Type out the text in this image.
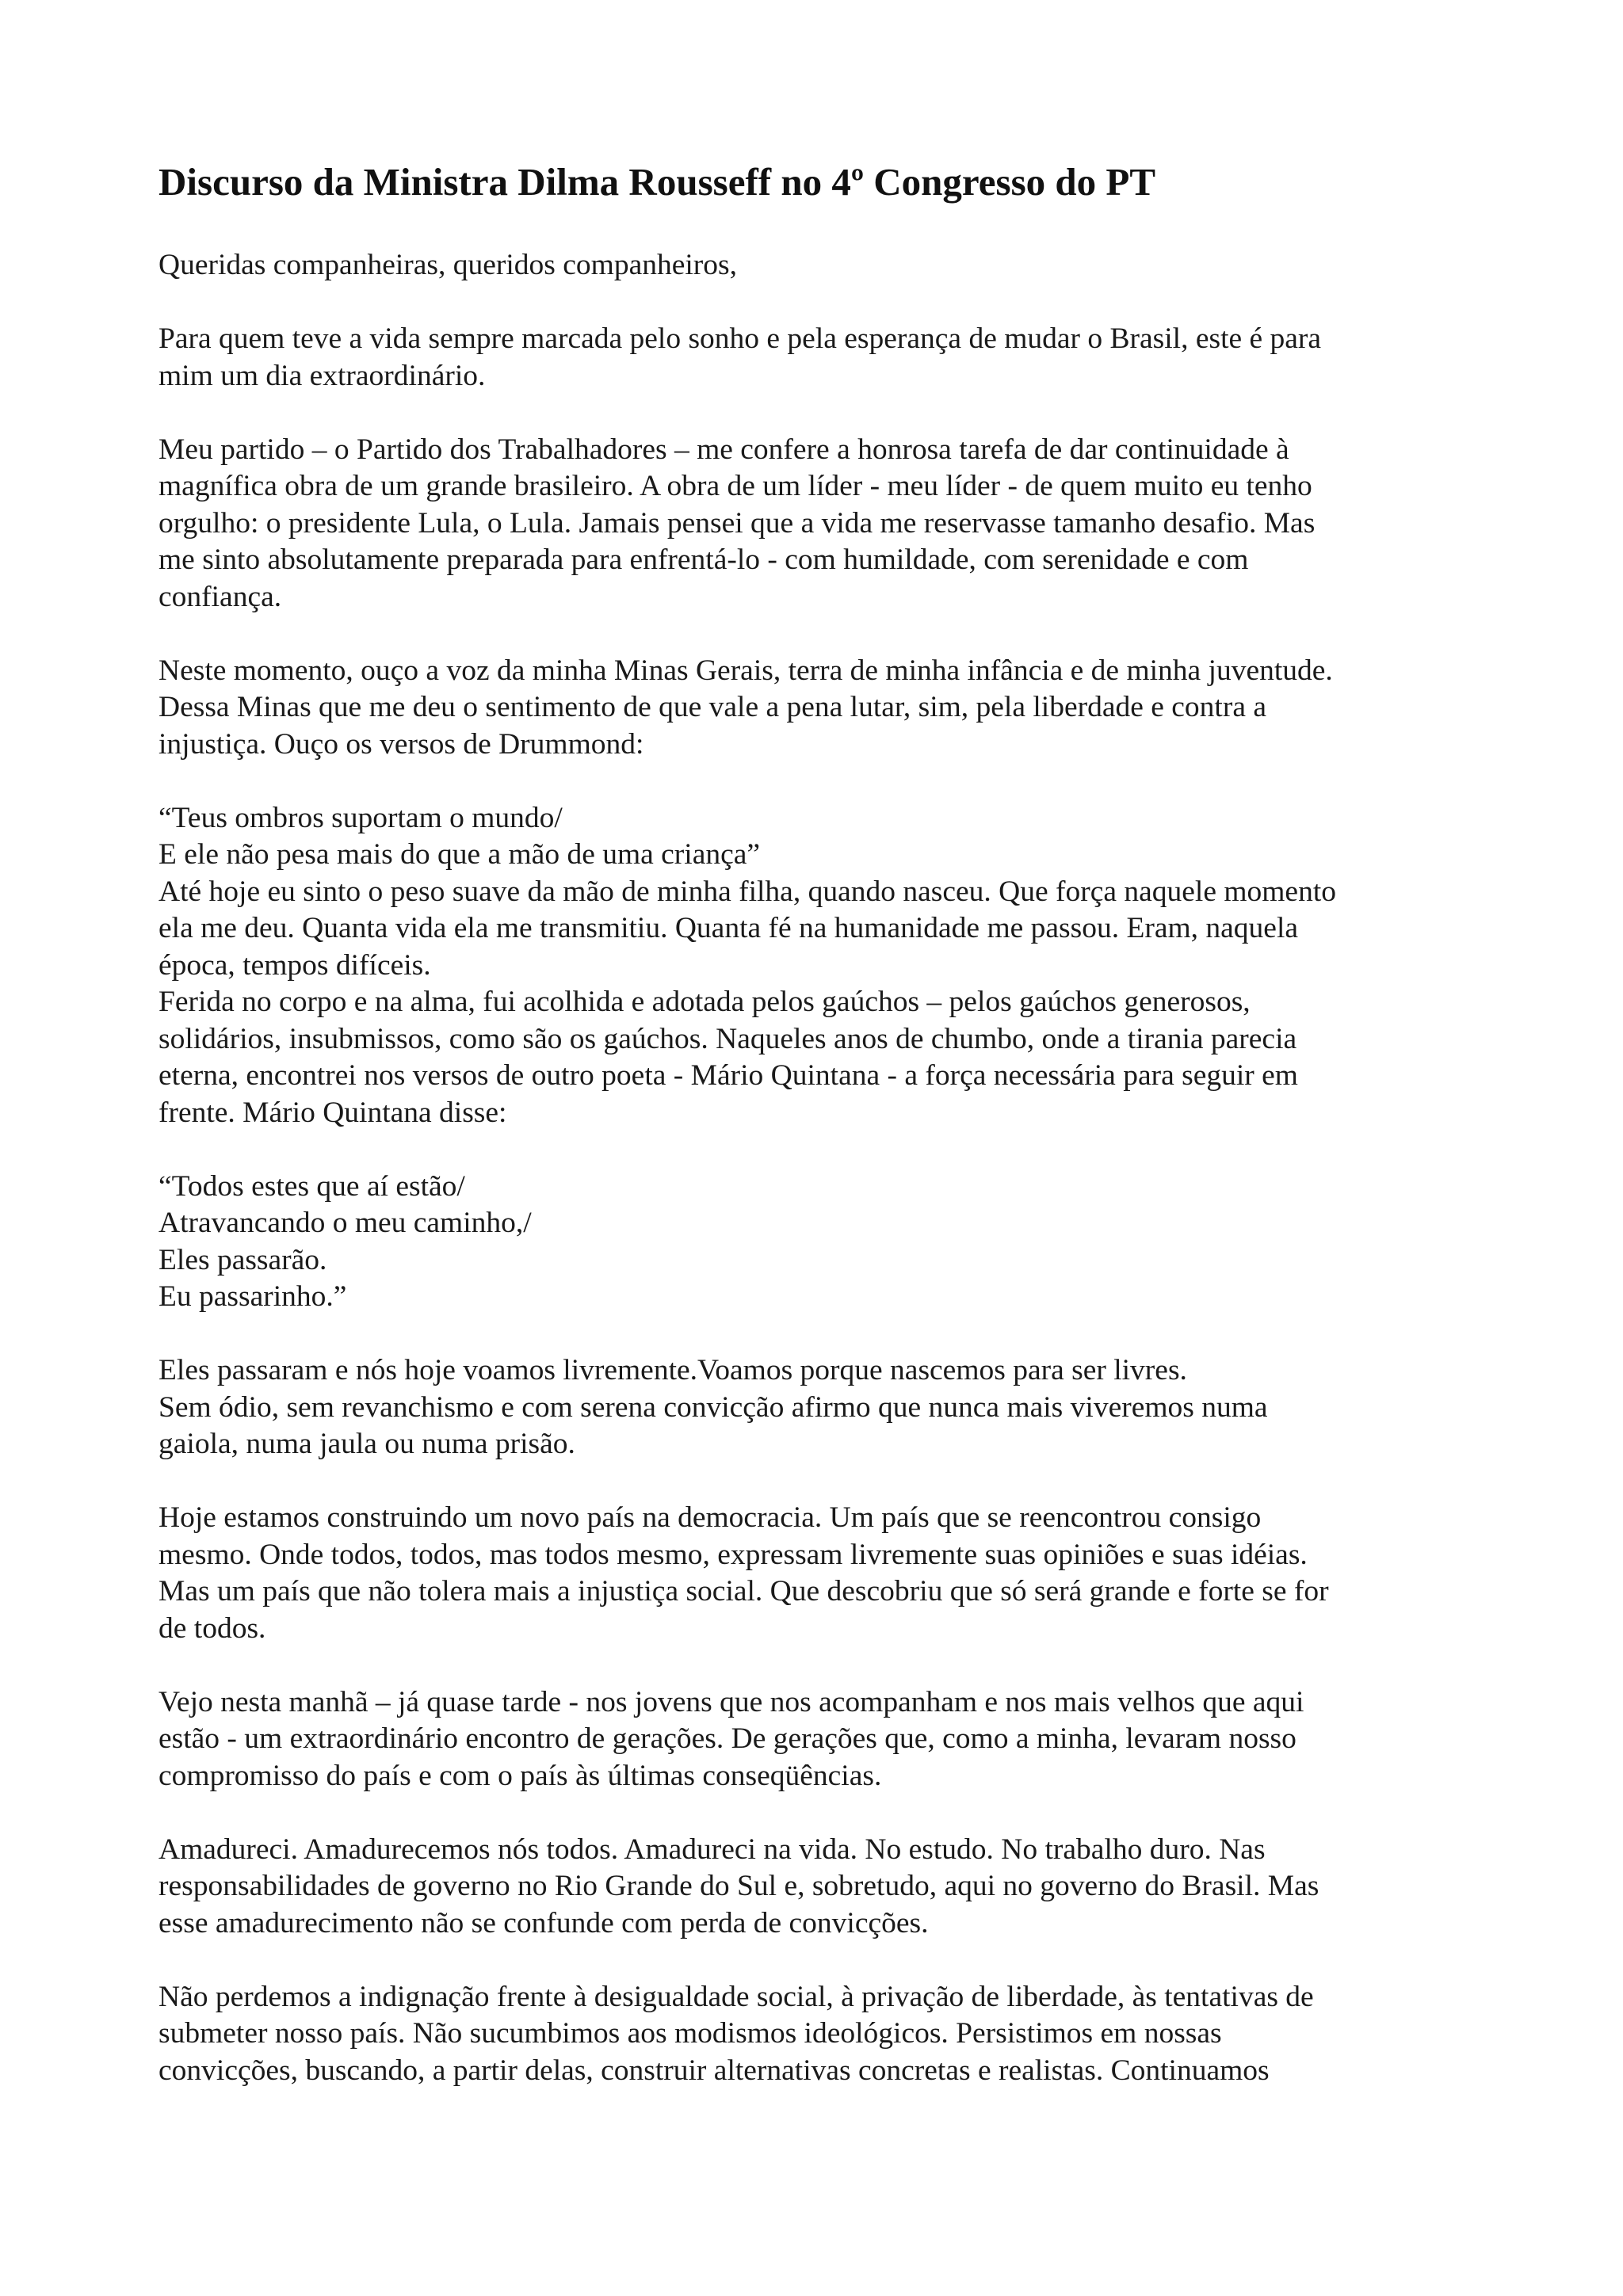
Discurso da Ministra Dilma Rousseff no 4º Congresso do PT

Queridas companheiras, queridos companheiros,

Para quem teve a vida sempre marcada pelo sonho e pela esperança de mudar o Brasil, este é para
mim um dia extraordinário.

Meu partido – o Partido dos Trabalhadores – me confere a honrosa tarefa de dar continuidade à
magnífica obra de um grande brasileiro. A obra de um líder - meu líder - de quem muito eu tenho
orgulho: o presidente Lula, o Lula. Jamais pensei que a vida me reservasse tamanho desafio. Mas
me sinto absolutamente preparada para enfrentá-lo - com humildade, com serenidade e com
confiança.

Neste momento, ouço a voz da minha Minas Gerais, terra de minha infância e de minha juventude.
Dessa Minas que me deu o sentimento de que vale a pena lutar, sim, pela liberdade e contra a
injustiça. Ouço os versos de Drummond:

“Teus ombros suportam o mundo/
E ele não pesa mais do que a mão de uma criança”
Até hoje eu sinto o peso suave da mão de minha filha, quando nasceu. Que força naquele momento
ela me deu. Quanta vida ela me transmitiu. Quanta fé na humanidade me passou. Eram, naquela
época, tempos difíceis.
Ferida no corpo e na alma, fui acolhida e adotada pelos gaúchos – pelos gaúchos generosos,
solidários, insubmissos, como são os gaúchos. Naqueles anos de chumbo, onde a tirania parecia
eterna, encontrei nos versos de outro poeta - Mário Quintana - a força necessária para seguir em
frente. Mário Quintana disse:

“Todos estes que aí estão/
Atravancando o meu caminho,/
Eles passarão.
Eu passarinho.”

Eles passaram e nós hoje voamos livremente.Voamos porque nascemos para ser livres.
Sem ódio, sem revanchismo e com serena convicção afirmo que nunca mais viveremos numa
gaiola, numa jaula ou numa prisão.

Hoje estamos construindo um novo país na democracia. Um país que se reencontrou consigo
mesmo. Onde todos, todos, mas todos mesmo, expressam livremente suas opiniões e suas idéias.
Mas um país que não tolera mais a injustiça social. Que descobriu que só será grande e forte se for
de todos.

Vejo nesta manhã – já quase tarde - nos jovens que nos acompanham e nos mais velhos que aqui
estão - um extraordinário encontro de gerações. De gerações que, como a minha, levaram nosso
compromisso do país e com o país às últimas conseqüências.

Amadureci. Amadurecemos nós todos. Amadureci na vida. No estudo. No trabalho duro. Nas
responsabilidades de governo no Rio Grande do Sul e, sobretudo, aqui no governo do Brasil. Mas
esse amadurecimento não se confunde com perda de convicções.

Não perdemos a indignação frente à desigualdade social, à privação de liberdade, às tentativas de
submeter nosso país. Não sucumbimos aos modismos ideológicos. Persistimos em nossas
convicções, buscando, a partir delas, construir alternativas concretas e realistas. Continuamos
